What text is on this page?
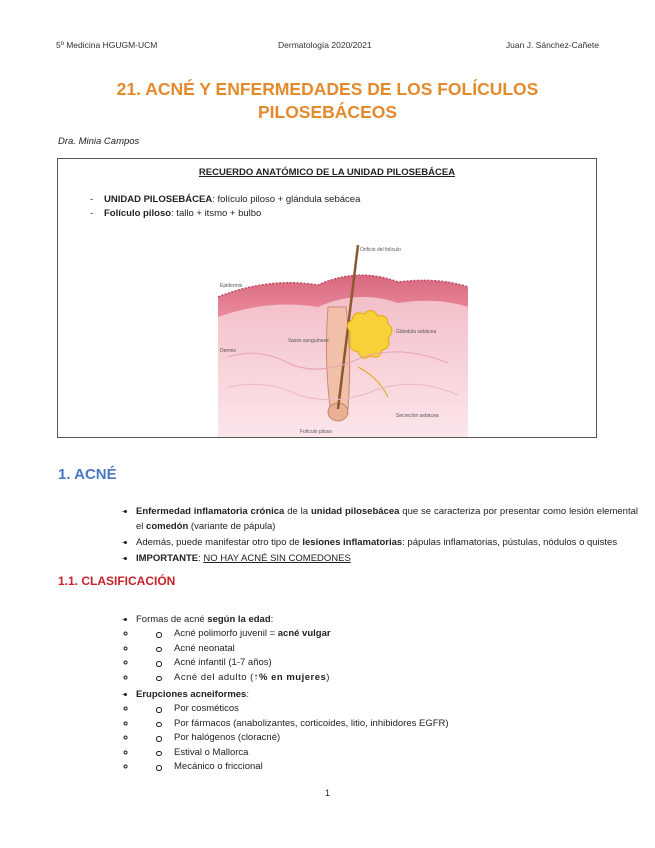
5º Medicina HGUGM-UCM	Dermatología 2020/2021	Juan J. Sánchez-Cañete
21. ACNÉ Y ENFERMEDADES DE LOS FOLÍCULOS
PILOSEBÁCEOS
Dra. Minia Campos
RECUERDO ANATÓMICO DE LA UNIDAD PILOSEBÁCEA
- UNIDAD PILOSEBÁCEA: folículo piloso + glándula sebácea
- Folículo piloso: tallo + itsmo + bulbo
Orificio del folículo
Epidermis
Vasos sanguíneos
Glándula sebácea
Dermis
Secreción sebácea
Folículo piloso
1. ACNÉ
• - Enfermedad inflamatoria crónica de la unidad pilosebácea que se caracteriza por presentar como lesión elemental el comedón (variante de pápula)
• - Además, puede manifestar otro tipo de lesiones inflamatorias: pápulas inflamatorias, pústulas, nódulos o quistes
• - IMPORTANTE: NO HAY ACNÉ SIN COMEDONES
1.1. CLASIFICACIÓN
• - Formas de acné según la edad:
◦ Acné polimorfo juvenil = acné vulgar
◦ Acné neonatal
◦ Acné infantil (1-7 años)
◦ Acné del adulto (↑% en mujeres)
• - Erupciones acneiformes:
◦ Por cosméticos
◦ Por fármacos (anabolizantes, corticoides, litio, inhibidores EGFR)
◦ Por halógenos (cloracné)
◦ Estival o Mallorca
◦ Mecánico o friccional
1
